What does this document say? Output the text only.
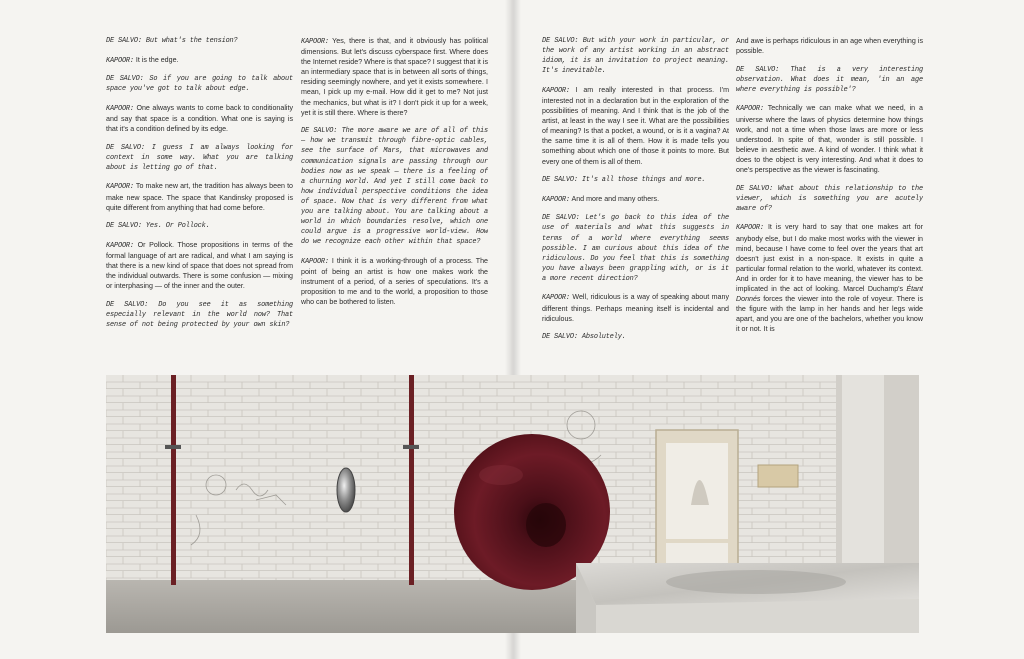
DE SALVO: But what's the tension?

KAPOOR: It is the edge.

DE SALVO: So if you are going to talk about space you've got to talk about edge.

KAPOOR: One always wants to come back to conditionality and say that space is a condition. What one is saying is that it's a condition defined by its edge.

DE SALVO: I guess I am always looking for context in some way. What you are talking about is letting go of that.

KAPOOR: To make new art, the tradition has always been to make new space. The space that Kandinsky proposed is quite different from anything that had come before.

DE SALVO: Yes. Or Pollock.

KAPOOR: Or Pollock. Those propositions in terms of the formal language of art are radical, and what I am saying is that there is a new kind of space that does not spread from the individual outwards. There is some confusion — mixing or interphasing — of the inner and the outer.

DE SALVO: Do you see it as something especially relevant in the world now? That sense of not being protected by your own skin?

KAPOOR: Yes, there is that, and it obviously has political dimensions. But let's discuss cyberspace first. Where does the Internet reside? Where is that space? I suggest that it is an intermediary space that is in between all sorts of things, residing seemingly nowhere, and yet it exists somewhere. I mean, I pick up my e-mail. How did it get to me? Not just the mechanics, but what is it? I don't pick it up for a week, yet it is still there. Where is there?

DE SALVO: The more aware we are of all of this — how we transmit through fibre-optic cables, see the surface of Mars, that microwaves and communication signals are passing through our bodies now as we speak — there is a feeling of a churning world. And yet I still come back to how individual perspective conditions the idea of space. Now that is very different from what you are talking about. You are talking about a world in which boundaries resolve, which one could argue is a progressive world-view. How do we recognize each other within that space?

KAPOOR: I think it is a working-through of a process. The point of being an artist is how one makes work the instrument of a period, of a series of speculations. It's a proposition to me and to the world, a proposition to those who can be bothered to listen.

DE SALVO: But with your work in particular, or the work of any artist working in an abstract idiom, it is an invitation to project meaning. It's inevitable.

KAPOOR: I am really interested in that process. I'm interested not in a declaration but in the exploration of the possibilities of meaning. And I think that is the job of the artist, at least in the way I see it. What are the possibilities of meaning? Is that a pocket, a wound, or is it a vagina? At the same time it is all of them. How it is made tells you something about which one of those it points to more. But every one of them is all of them.

DE SALVO: It's all those things and more.

KAPOOR: And more and many others.

DE SALVO: Let's go back to this idea of the use of materials and what this suggests in terms of a world where everything seems possible. I am curious about this idea of the ridiculous. Do you feel that this is something you have always been grappling with, or is it a more recent direction?

KAPOOR: Well, ridiculous is a way of speaking about many different things. Perhaps meaning itself is incidental and ridiculous.

DE SALVO: Absolutely.

And awe is perhaps ridiculous in an age when everything is possible.

DE SALVO: That is a very interesting observation. What does it mean, 'in an age where everything is possible'?

KAPOOR: Technically we can make what we need, in a universe where the laws of physics determine how things work, and not a time when those laws are more or less understood. In spite of that, wonder is still possible. I believe in aesthetic awe. A kind of wonder. I think what it does to the object is very interesting. And what it does to one's perspective as the viewer is fascinating.

DE SALVO: What about this relationship to the viewer, which is something you are acutely aware of?

KAPOOR: It is very hard to say that one makes art for anybody else, but I do make most works with the viewer in mind, because I have come to feel over the years that art doesn't just exist in a non-space. It exists in quite a particular formal relation to the world, whatever its context. And in order for it to have meaning, the viewer has to be implicated in the act of looking. Marcel Duchamp's Étant Donnés forces the viewer into the role of voyeur. There is the figure with the lamp in her hands and her legs wide apart, and you are one of the bachelors, whether you know it or not. It is
